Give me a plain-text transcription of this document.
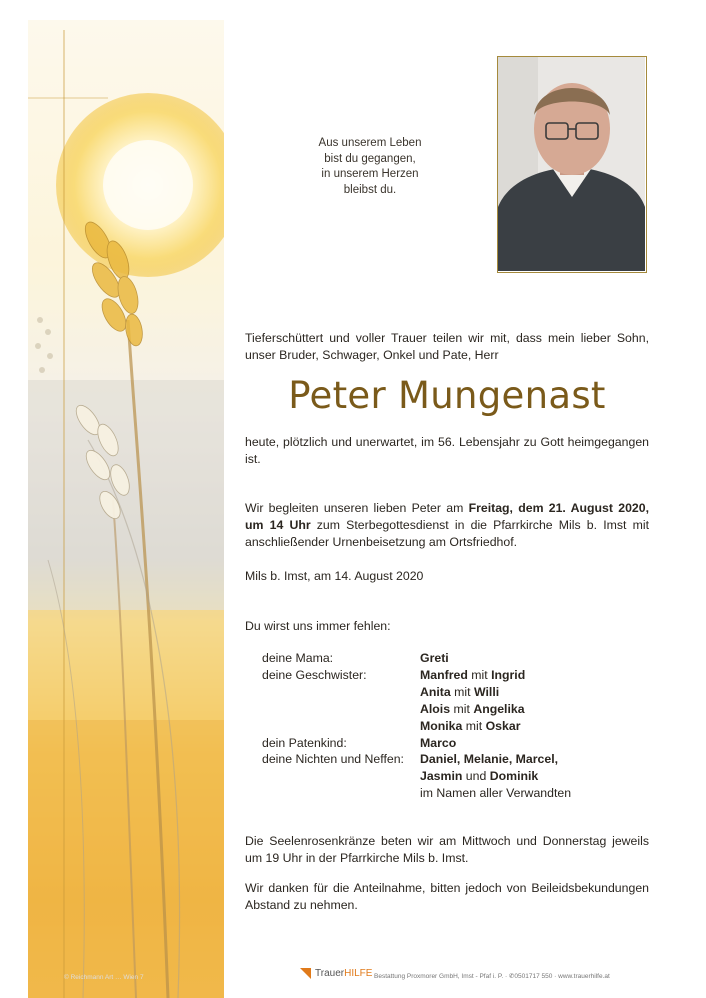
Aus unserem Leben
bist du gegangen,
in unserem Herzen
bleibst du.
Tieferschüttert und voller Trauer teilen wir mit, dass mein lieber Sohn, unser Bruder, Schwager, Onkel und Pate, Herr
Peter Mungenast
heute, plötzlich und unerwartet, im 56. Lebensjahr zu Gott heimgegangen ist.
Wir begleiten unseren lieben Peter am Freitag, dem 21. August 2020, um 14 Uhr zum Sterbegottesdienst in die Pfarrkirche Mils b. Imst mit anschließender Urnenbeisetzung am Ortsfriedhof.
Mils b. Imst, am 14. August 2020
Du wirst uns immer fehlen:
deine Mama:	Greti
deine Geschwister:	Manfred mit Ingrid
Anita mit Willi
Alois mit Angelika
Monika mit Oskar
dein Patenkind:	Marco
deine Nichten und Neffen:	Daniel, Melanie, Marcel,
Jasmin und Dominik
im Namen aller Verwandten
Die Seelenrosenkränze beten wir am Mittwoch und Donnerstag jeweils um 19 Uhr in der Pfarrkirche Mils b. Imst.
Wir danken für die Anteilnahme, bitten jedoch von Beileidsbekundungen Abstand zu nehmen.
© Reichmann Art … Wien 7	TrauerHILFE Bestattung Proxmorer GmbH, Imst - Pfaf i. P. · ✆0501717 550 · www.trauerhilfe.at
